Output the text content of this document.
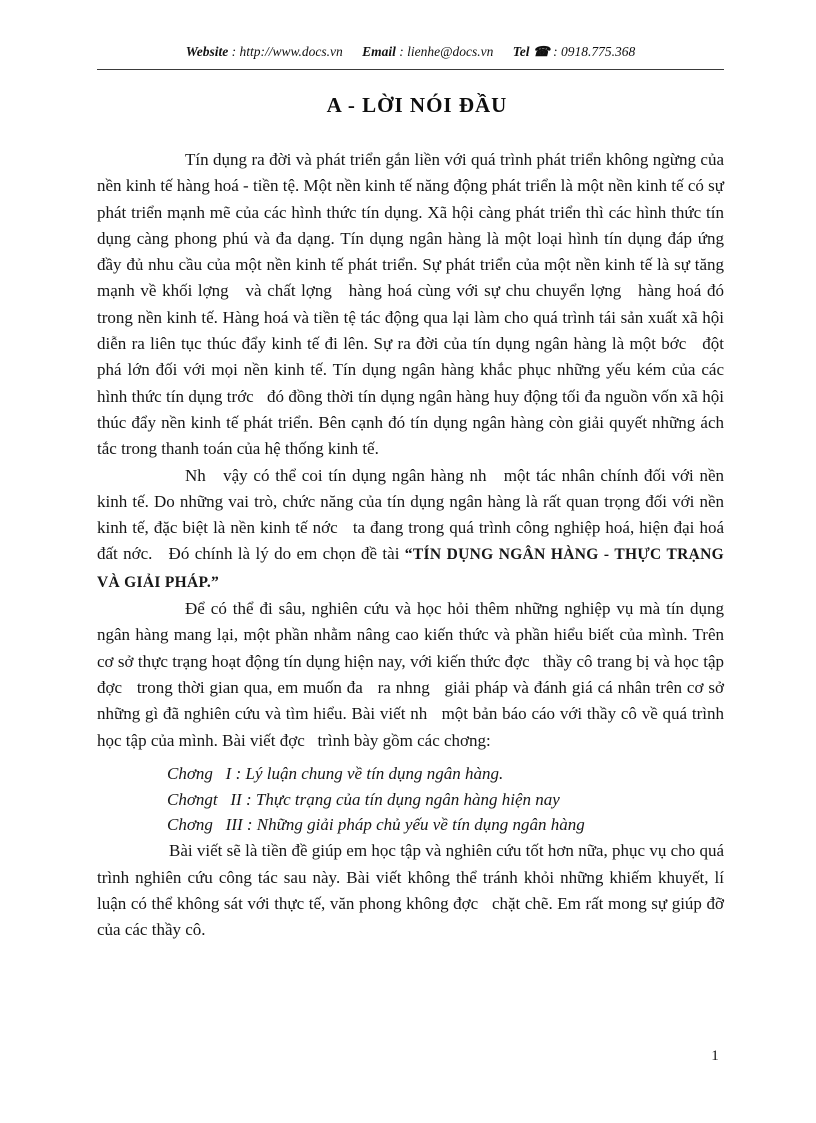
Website : http://www.docs.vn Email : lienhe@docs.vn Tel ☎ : 0918.775.368
A - LỜI NÓI ĐẦU

Tín dụng ra đời và phát triển gắn liền với quá trình phát triển không ngừng của nền kinh tế hàng hoá - tiền tệ. Một nền kinh tế năng động phát triển là một nền kinh tế có sự phát triển mạnh mẽ của các hình thức tín dụng. Xã hội càng phát triển thì các hình thức tín dụng càng phong phú và đa dạng. Tín dụng ngân hàng là một loại hình tín dụng đáp ứng đầy đủ nhu cầu của một nền kinh tế phát triển. Sự phát triển của một nền kinh tế là sự tăng mạnh về khối lợng   và chất lợng   hàng hoá cùng với sự chu chuyển lợng   hàng hoá đó trong nền kinh tế. Hàng hoá và tiền tệ tác động qua lại làm cho quá trình tái sản xuất xã hội diễn ra liên tục thúc đẩy kinh tế đi lên. Sự ra đời của tín dụng ngân hàng là một bớc   đột phá lớn đối với mọi nền kinh tế. Tín dụng ngân hàng khắc phục những yếu kém của các hình thức tín dụng trớc   đó đồng thời tín dụng ngân hàng huy động tối đa nguồn vốn xã hội thúc đẩy nền kinh tế phát triển. Bên cạnh đó tín dụng ngân hàng còn giải quyết những ách tắc trong thanh toán của hệ thống kinh tế.

Nh   vậy có thể coi tín dụng ngân hàng nh   một tác nhân chính đối với nền kinh tế. Do những vai trò, chức năng của tín dụng ngân hàng là rất quan trọng đối với nền kinh tế, đặc biệt là nền kinh tế nớc   ta đang trong quá trình công nghiệp hoá, hiện đại hoá đất nớc.   Đó chính là lý do em chọn đề tài “TÍN DỤNG NGÂN HÀNG - THỰC TRẠNG VÀ GIẢI PHÁP.”

Để có thể đi sâu, nghiên cứu và học hỏi thêm những nghiệp vụ mà tín dụng ngân hàng mang lại, một phần nhằm nâng cao kiến thức và phần hiểu biết của mình. Trên cơ sở thực trạng hoạt động tín dụng hiện nay, với kiến thức đợc   thầy cô trang bị và học tập đợc   trong thời gian qua, em muốn đa   ra nhng   giải pháp và đánh giá cá nhân trên cơ sở những gì đã nghiên cứu và tìm hiểu. Bài viết nh   một bản báo cáo với thầy cô về quá trình học tập của mình. Bài viết đợc   trình bày gồm các chơng:

Chơng   I : Lý luận chung về tín dụng ngân hàng.
Chơngt   II : Thực trạng của tín dụng ngân hàng hiện nay
Chơng   III : Những giải pháp chủ yếu về tín dụng ngân hàng

Bài viết sẽ là tiền đề giúp em học tập và nghiên cứu tốt hơn nữa, phục vụ cho quá trình nghiên cứu công tác sau này. Bài viết không thể tránh khỏi những khiếm khuyết, lí luận có thể không sát với thực tế, văn phong không đợc   chặt chẽ. Em rất mong sự giúp đỡ của các thầy cô.

1
